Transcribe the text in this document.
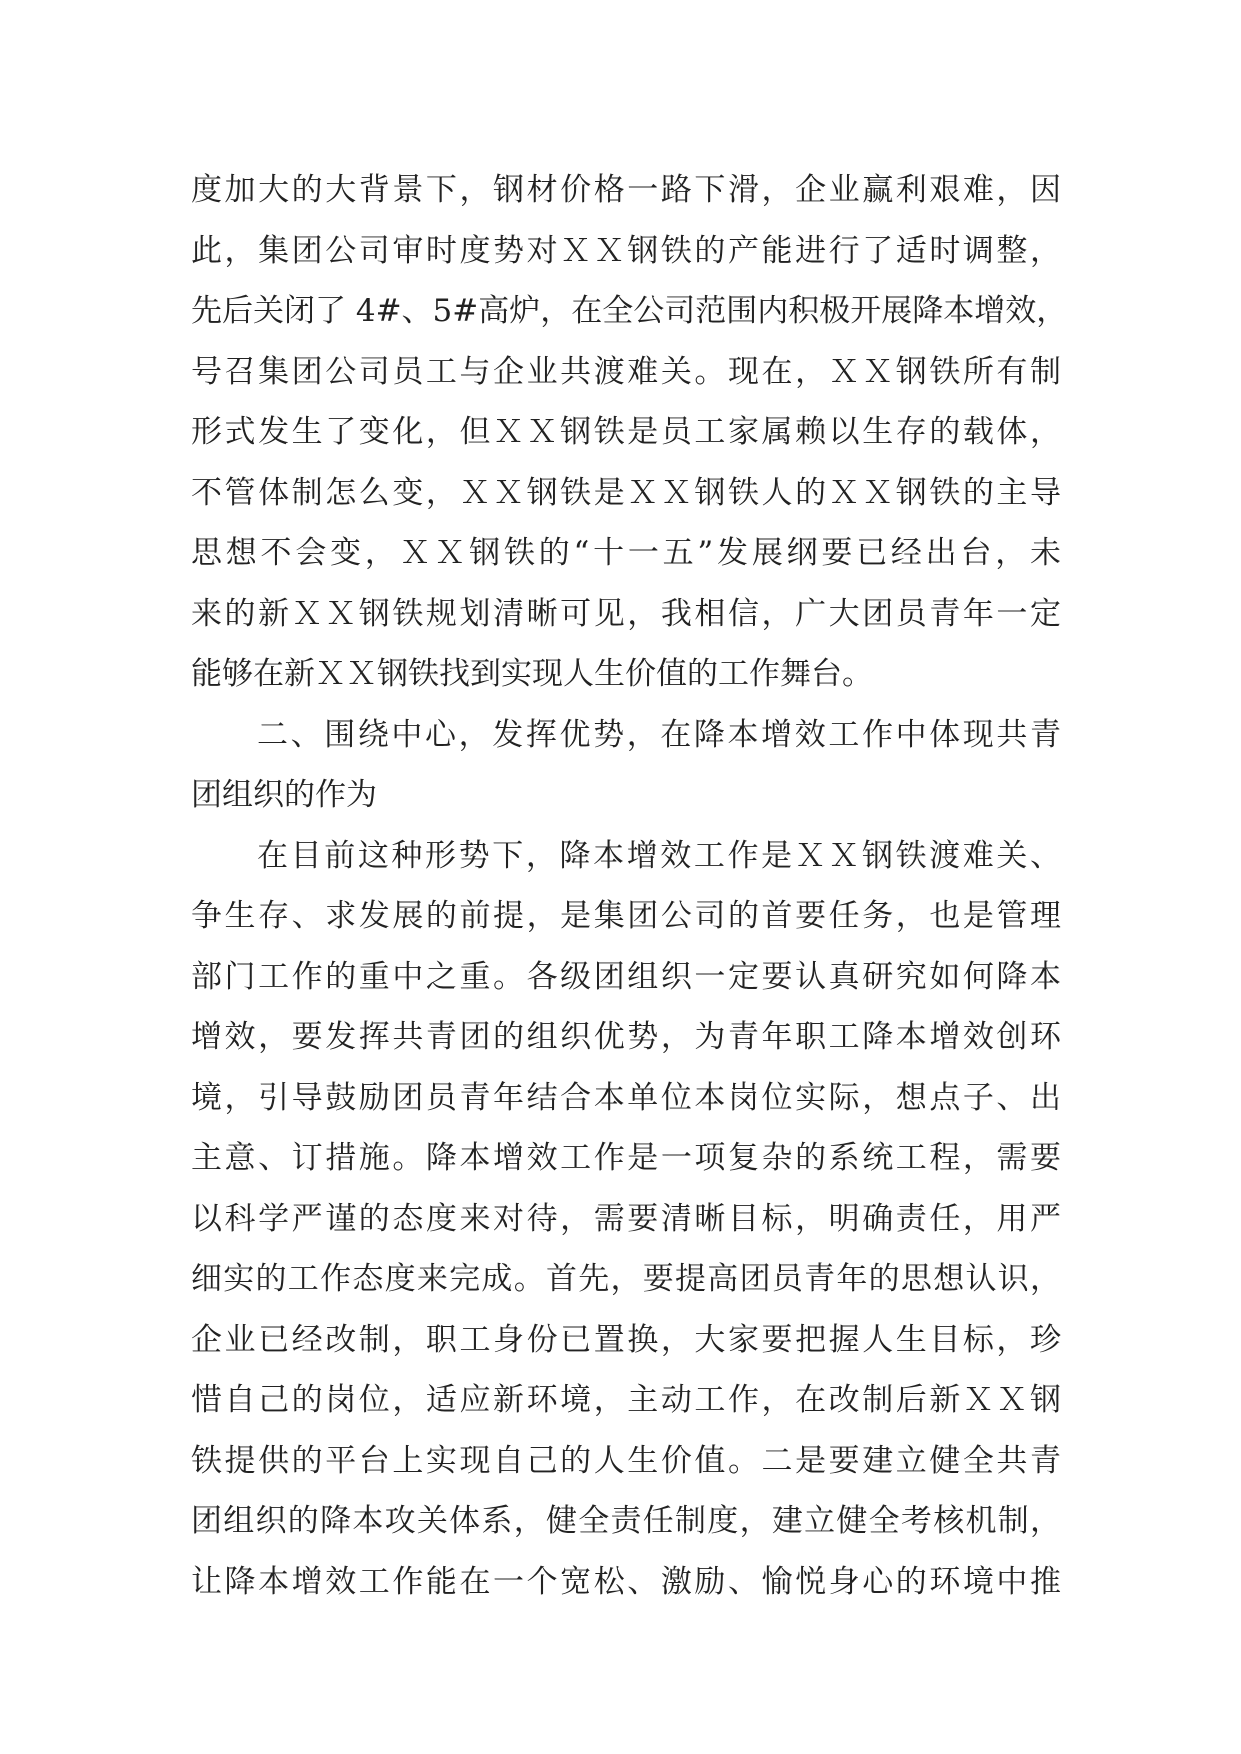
度加大的大背景下，钢材价格一路下滑，企业赢利艰难，因
此，集团公司审时度势对ＸＸ钢铁的产能进行了适时调整，
先后关闭了 4#、5#高炉，在全公司范围内积极开展降本增效，
号召集团公司员工与企业共渡难关。现在，ＸＸ钢铁所有制
形式发生了变化，但ＸＸ钢铁是员工家属赖以生存的载体，
不管体制怎么变，ＸＸ钢铁是ＸＸ钢铁人的ＸＸ钢铁的主导
思想不会变，ＸＸ钢铁的“十一五”发展纲要已经出台，未
来的新ＸＸ钢铁规划清晰可见，我相信，广大团员青年一定
能够在新ＸＸ钢铁找到实现人生价值的工作舞台。
二、围绕中心，发挥优势，在降本增效工作中体现共青
团组织的作为
在目前这种形势下，降本增效工作是ＸＸ钢铁渡难关、
争生存、求发展的前提，是集团公司的首要任务，也是管理
部门工作的重中之重。各级团组织一定要认真研究如何降本
增效，要发挥共青团的组织优势，为青年职工降本增效创环
境，引导鼓励团员青年结合本单位本岗位实际，想点子、出
主意、订措施。降本增效工作是一项复杂的系统工程，需要
以科学严谨的态度来对待，需要清晰目标，明确责任，用严
细实的工作态度来完成。首先，要提高团员青年的思想认识，
企业已经改制，职工身份已置换，大家要把握人生目标，珍
惜自己的岗位，适应新环境，主动工作，在改制后新ＸＸ钢
铁提供的平台上实现自己的人生价值。二是要建立健全共青
团组织的降本攻关体系，健全责任制度，建立健全考核机制，
让降本增效工作能在一个宽松、激励、愉悦身心的环境中推
